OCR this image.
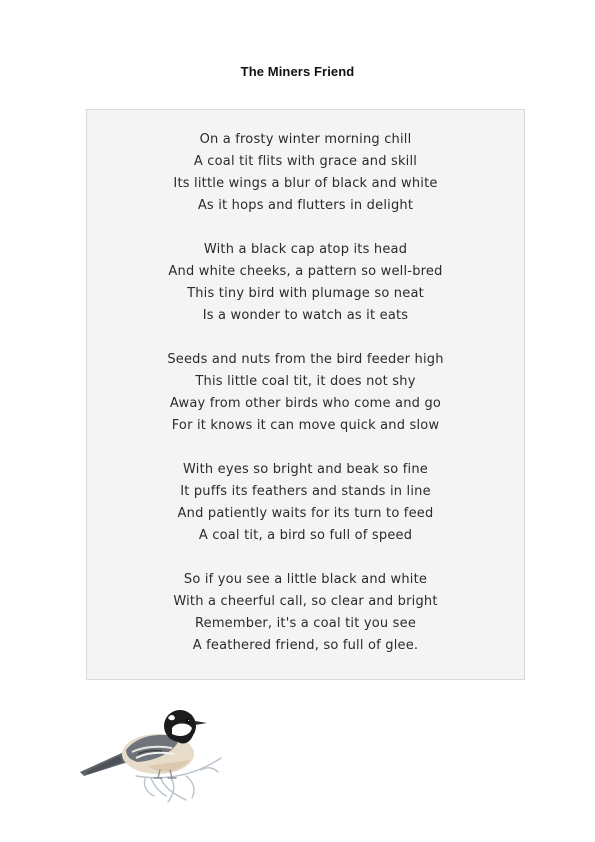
The Miners Friend
On a frosty winter morning chill
A coal tit flits with grace and skill
Its little wings a blur of black and white
As it hops and flutters in delight
With a black cap atop its head
And white cheeks, a pattern so well-bred
This tiny bird with plumage so neat
Is a wonder to watch as it eats
Seeds and nuts from the bird feeder high
This little coal tit, it does not shy
Away from other birds who come and go
For it knows it can move quick and slow
With eyes so bright and beak so fine
It puffs its feathers and stands in line
And patiently waits for its turn to feed
A coal tit, a bird so full of speed
So if you see a little black and white
With a cheerful call, so clear and bright
Remember, it's a coal tit you see
A feathered friend, so full of glee.
